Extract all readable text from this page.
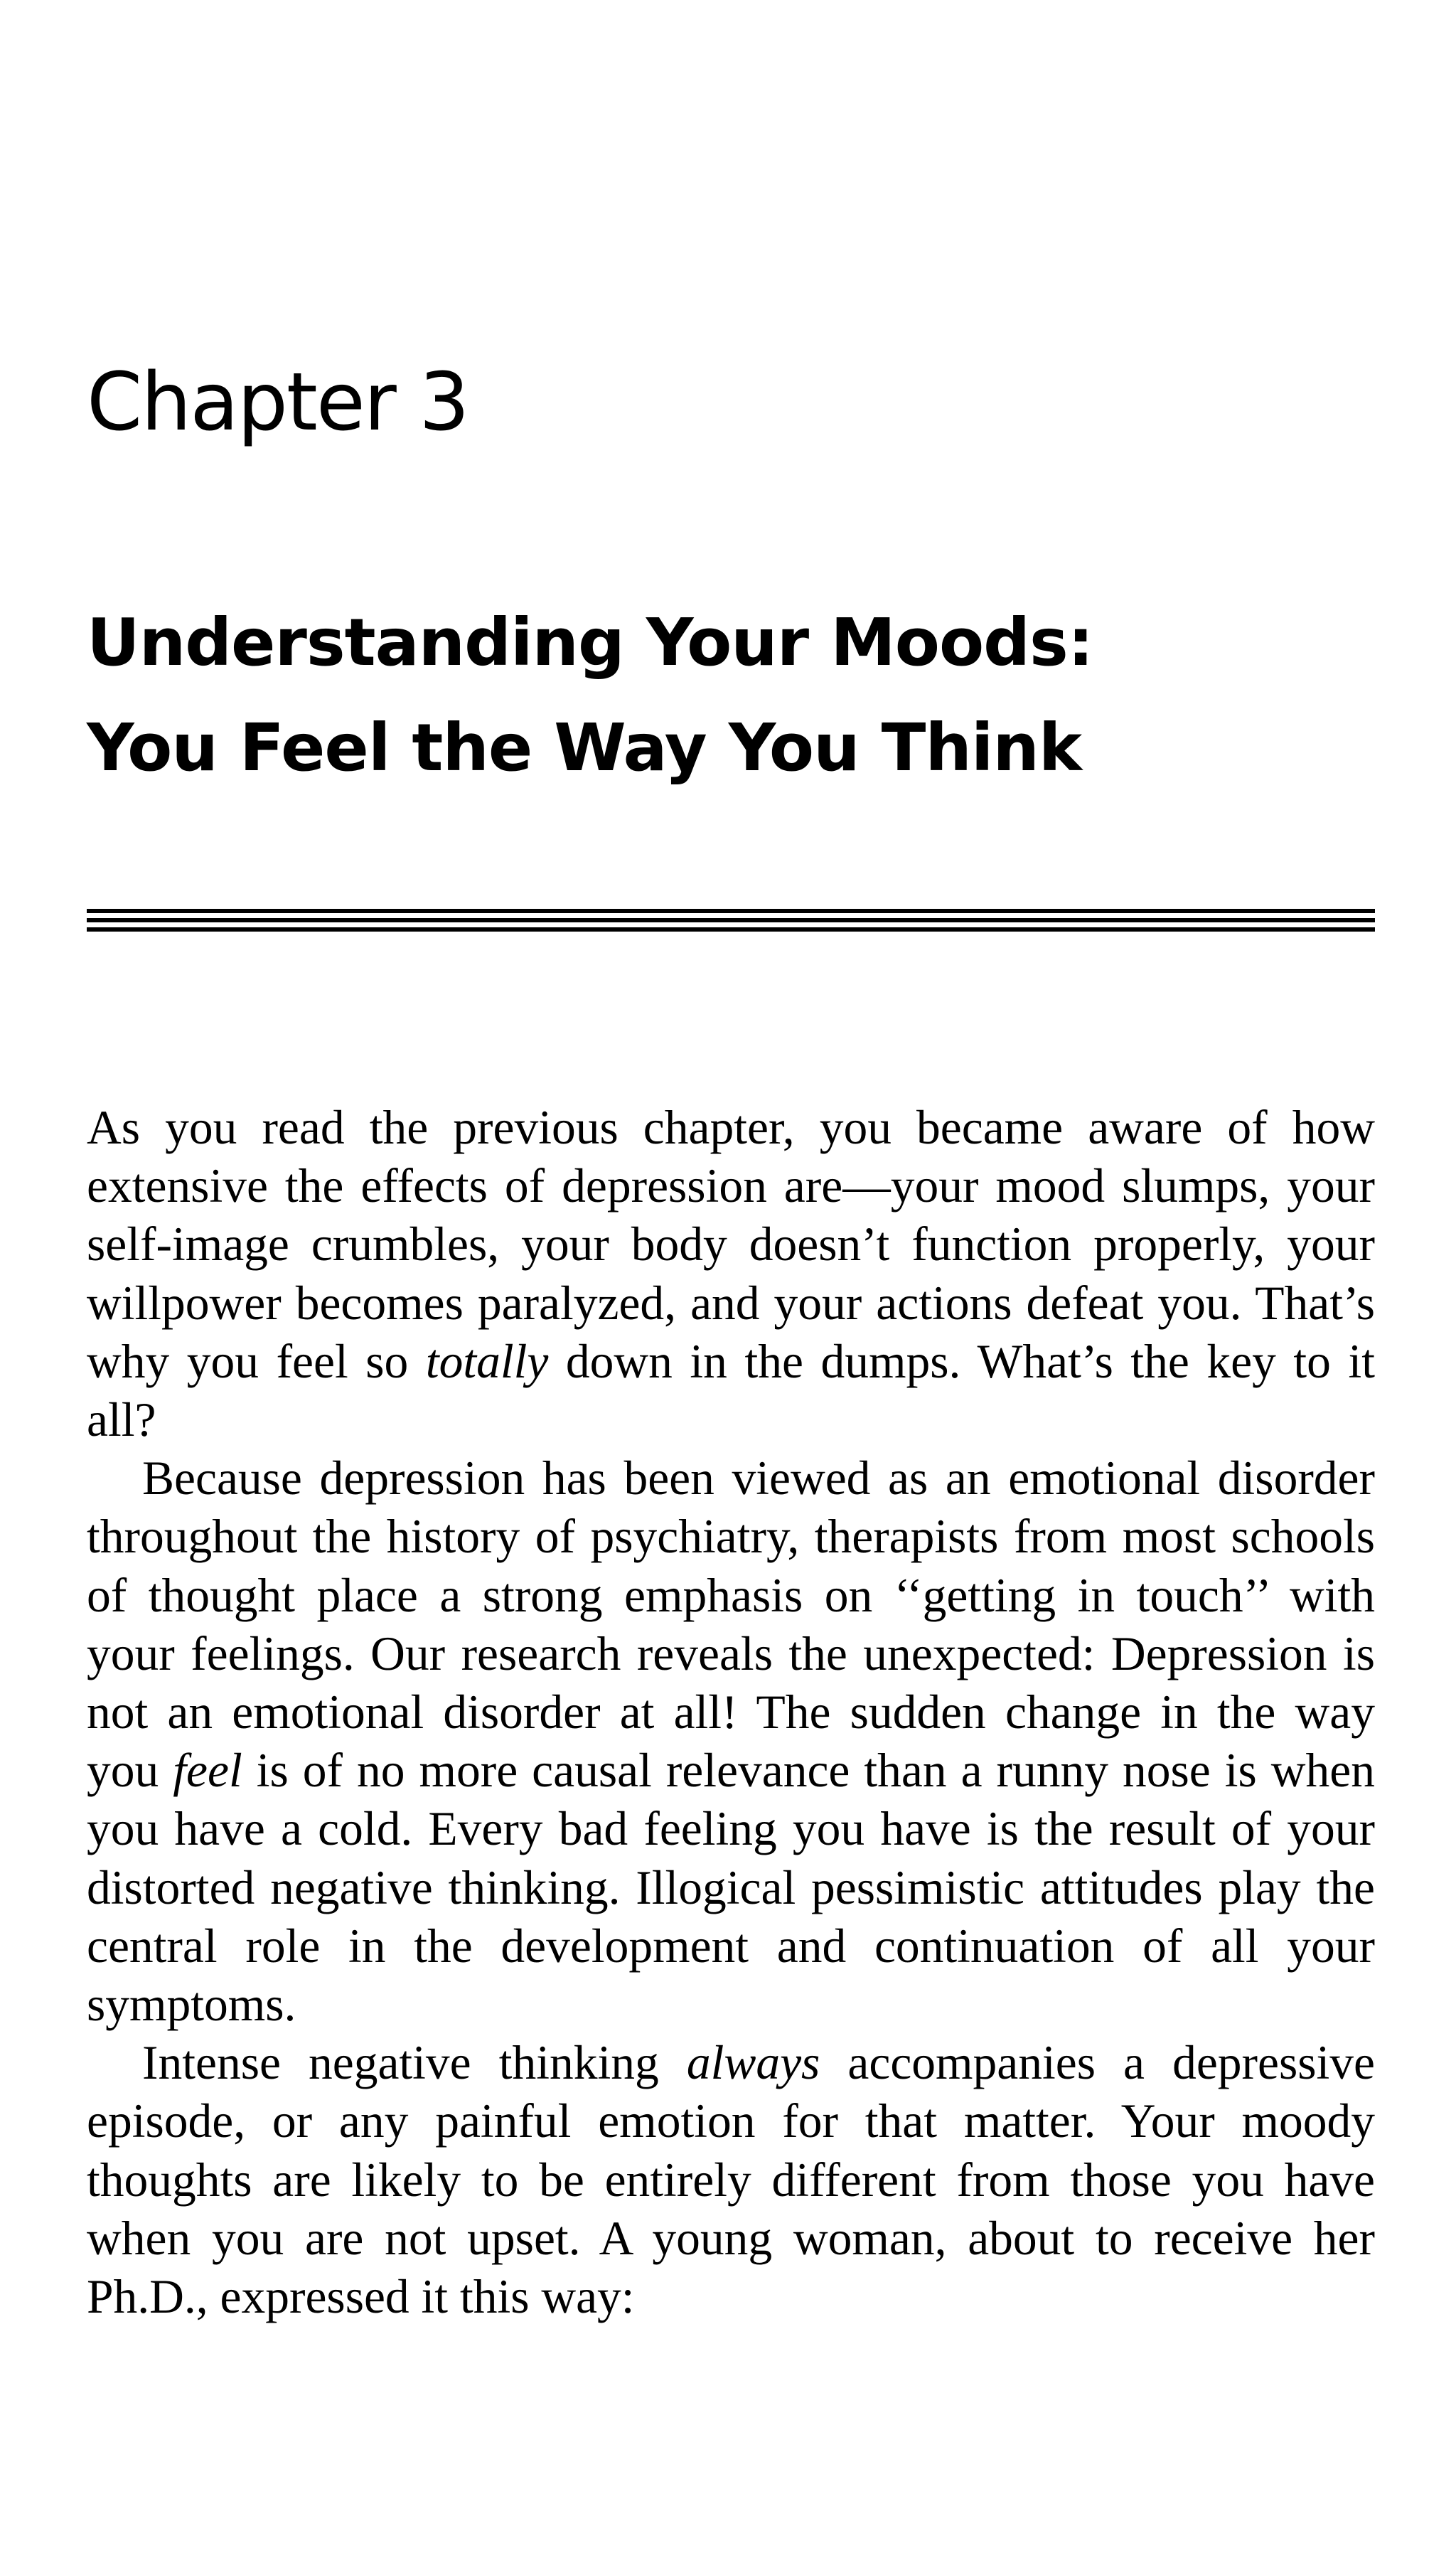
Chapter 3
Understanding Your Moods:
You Feel the Way You Think

As you read the previous chapter, you became aware of how extensive the effects of depression are—your mood slumps, your self-image crumbles, your body doesn’t function properly, your willpower becomes paralyzed, and your actions defeat you. That’s why you feel so totally down in the dumps. What’s the key to it all?

Because depression has been viewed as an emotional disorder throughout the history of psychiatry, therapists from most schools of thought place a strong emphasis on ‘‘getting in touch’’ with your feelings. Our research reveals the unexpected: Depression is not an emotional disorder at all! The sudden change in the way you feel is of no more causal relevance than a runny nose is when you have a cold. Every bad feeling you have is the result of your distorted negative thinking. Illogical pessimistic attitudes play the central role in the development and continuation of all your symptoms.

Intense negative thinking always accompanies a depressive episode, or any painful emotion for that matter. Your moody thoughts are likely to be entirely different from those you have when you are not upset. A young woman, about to receive her Ph.D., expressed it this way:
